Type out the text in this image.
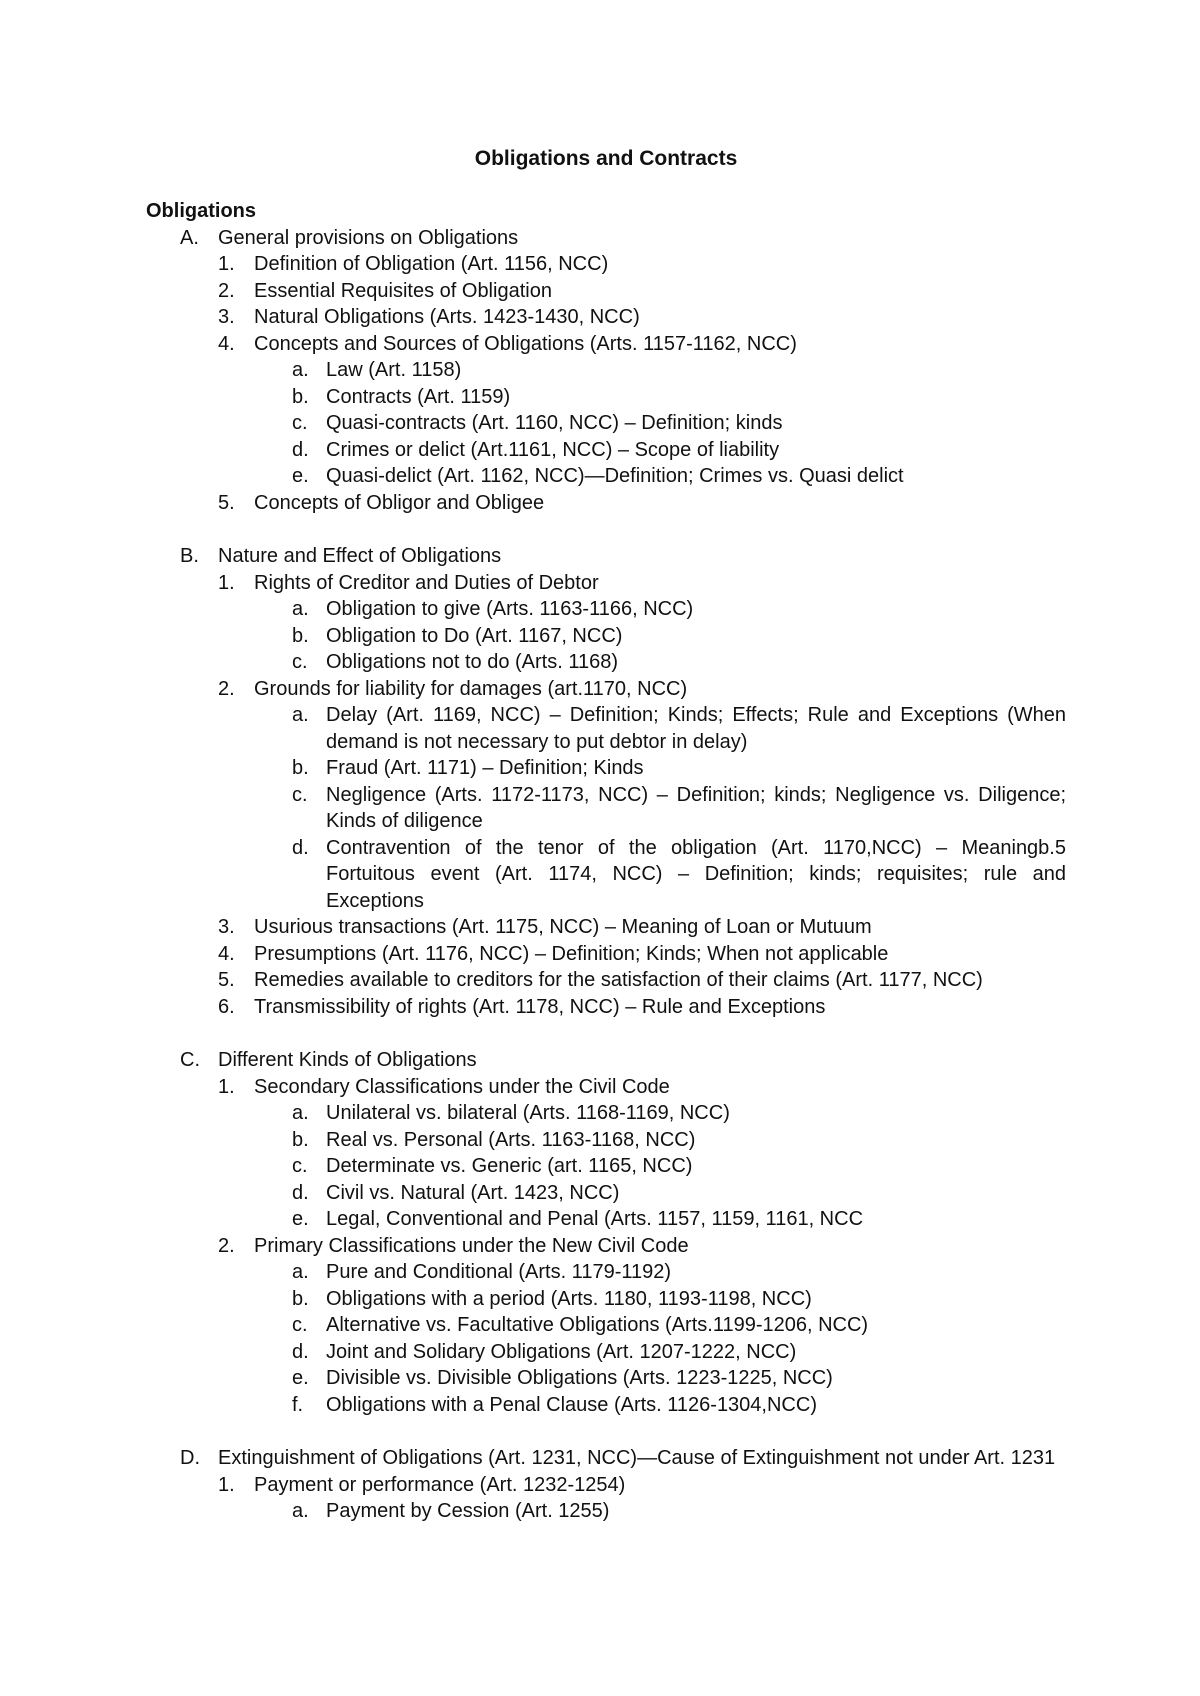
Obligations and Contracts

Obligations

A. General provisions on Obligations
1. Definition of Obligation (Art. 1156, NCC)
2. Essential Requisites of Obligation
3. Natural Obligations (Arts. 1423-1430, NCC)
4. Concepts and Sources of Obligations (Arts. 1157-1162, NCC)
a. Law (Art. 1158)
b. Contracts (Art. 1159)
c. Quasi-contracts (Art. 1160, NCC) – Definition; kinds
d. Crimes or delict (Art.1161, NCC) – Scope of liability
e. Quasi-delict (Art. 1162, NCC)—Definition; Crimes vs. Quasi delict
5. Concepts of Obligor and Obligee
B. Nature and Effect of Obligations
1. Rights of Creditor and Duties of Debtor
a. Obligation to give (Arts. 1163-1166, NCC)
b. Obligation to Do (Art. 1167, NCC)
c. Obligations not to do (Arts. 1168)
2. Grounds for liability for damages (art.1170, NCC)
a. Delay (Art. 1169, NCC) – Definition; Kinds; Effects; Rule and Exceptions (When demand is not necessary to put debtor in delay)
b. Fraud (Art. 1171) – Definition; Kinds
c. Negligence (Arts. 1172-1173, NCC) – Definition; kinds; Negligence vs. Diligence; Kinds of diligence
d. Contravention of the tenor of the obligation (Art. 1170,NCC) – Meaningb.5 Fortuitous event (Art. 1174, NCC) – Definition; kinds; requisites; rule and Exceptions
3. Usurious transactions (Art. 1175, NCC) – Meaning of Loan or Mutuum
4. Presumptions (Art. 1176, NCC) – Definition; Kinds; When not applicable
5. Remedies available to creditors for the satisfaction of their claims (Art. 1177, NCC)
6. Transmissibility of rights (Art. 1178, NCC) – Rule and Exceptions
C. Different Kinds of Obligations
1. Secondary Classifications under the Civil Code
a. Unilateral vs. bilateral (Arts. 1168-1169, NCC)
b. Real vs. Personal (Arts. 1163-1168, NCC)
c. Determinate vs. Generic (art. 1165, NCC)
d. Civil vs. Natural (Art. 1423, NCC)
e. Legal, Conventional and Penal (Arts. 1157, 1159, 1161, NCC
2. Primary Classifications under the New Civil Code
a. Pure and Conditional (Arts. 1179-1192)
b. Obligations with a period (Arts. 1180, 1193-1198, NCC)
c. Alternative vs. Facultative Obligations (Arts.1199-1206, NCC)
d. Joint and Solidary Obligations (Art. 1207-1222, NCC)
e. Divisible vs. Divisible Obligations (Arts. 1223-1225, NCC)
f. Obligations with a Penal Clause (Arts. 1126-1304,NCC)
D. Extinguishment of Obligations (Art. 1231, NCC)—Cause of Extinguishment not under Art. 1231
1. Payment or performance (Art. 1232-1254)
a. Payment by Cession (Art. 1255)
